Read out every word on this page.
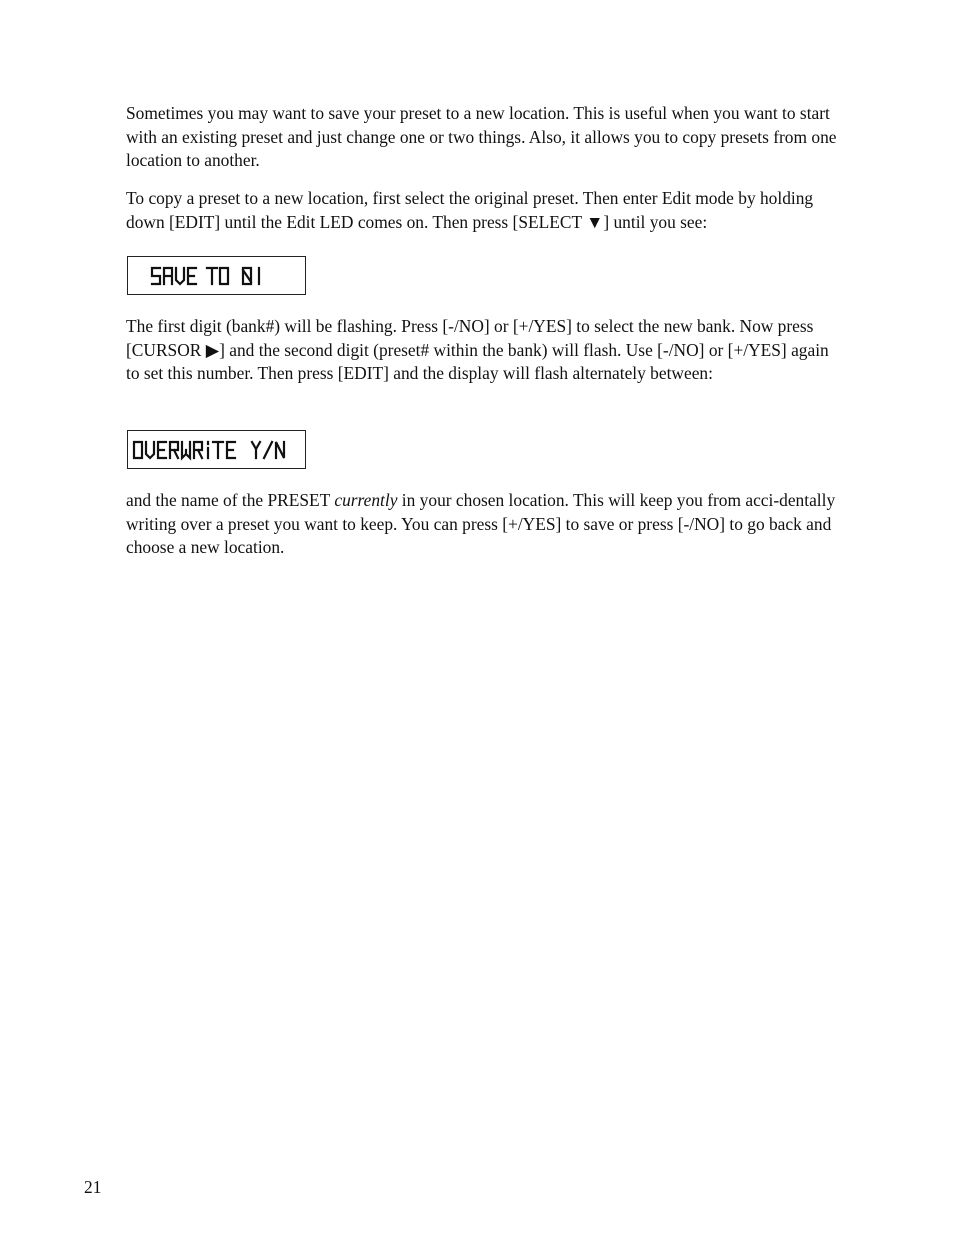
Sometimes you may want to save your preset to a new location. This is useful when you want to start with an existing preset and just change one or two things. Also, it allows you to copy presets from one location to another.

To copy a preset to a new location, first select the original preset. Then enter Edit mode by holding down [EDIT] until the Edit LED comes on. Then press [SELECT ▼] until you see:

The first digit (bank#) will be flashing. Press [-/NO] or [+/YES] to select the new bank. Now press [CURSOR ▶] and the second digit (preset# within the bank) will flash. Use [-/NO] or [+/YES] again to set this number. Then press [EDIT] and the display will flash alternately between:

and the name of the PRESET currently in your chosen location. This will keep you from acci-dentally writing over a preset you want to keep. You can press [+/YES] to save or press [-/NO] to go back and choose a new location.

21
